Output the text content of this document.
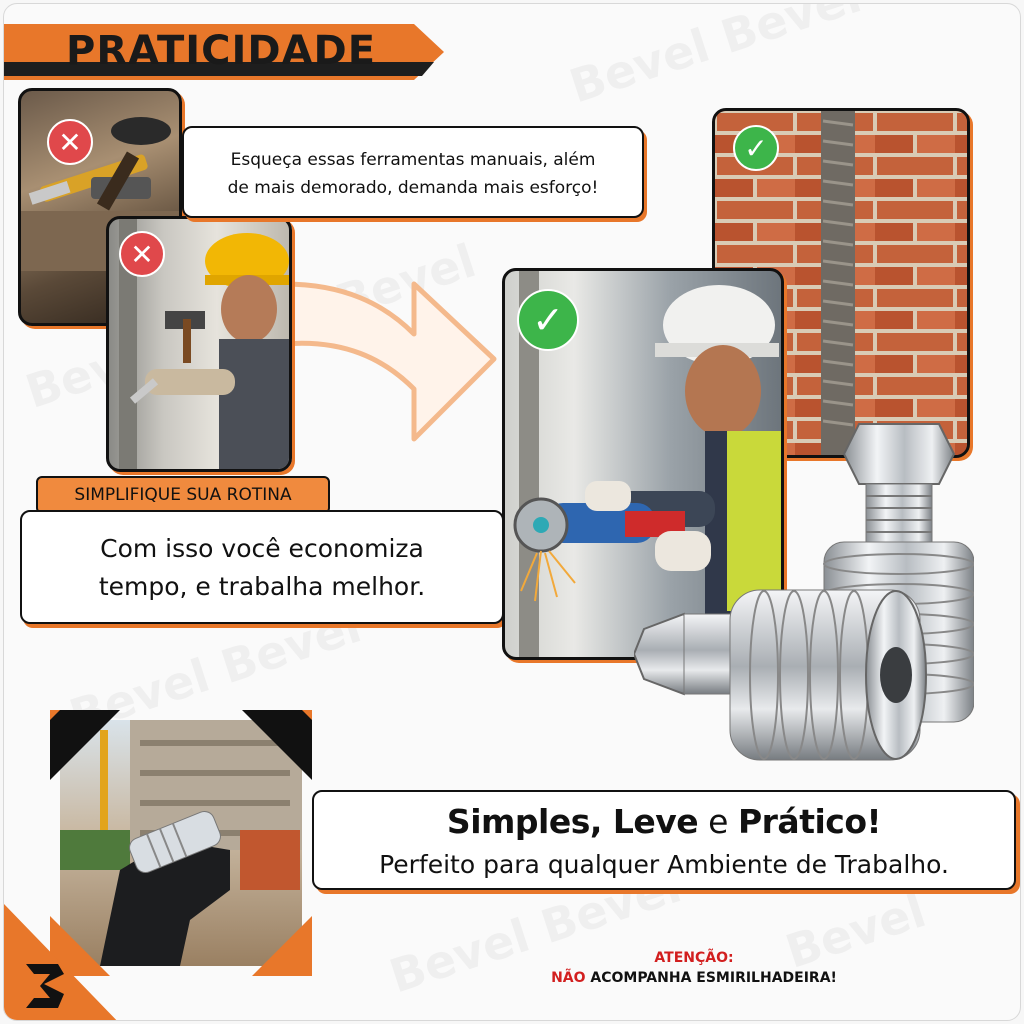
PRATICIDADE
✕
✕
Esqueça essas ferramentas manuais, além
de mais demorado, demanda mais esforço!
SIMPLIFIQUE SUA ROTINA
Com isso você economiza
tempo, e trabalha melhor.
✓
✓
Simples, Leve e Prático!
Perfeito para qualquer Ambiente de Trabalho.
ATENÇÃO:
NÃO ACOMPANHA ESMIRILHADEIRA!
